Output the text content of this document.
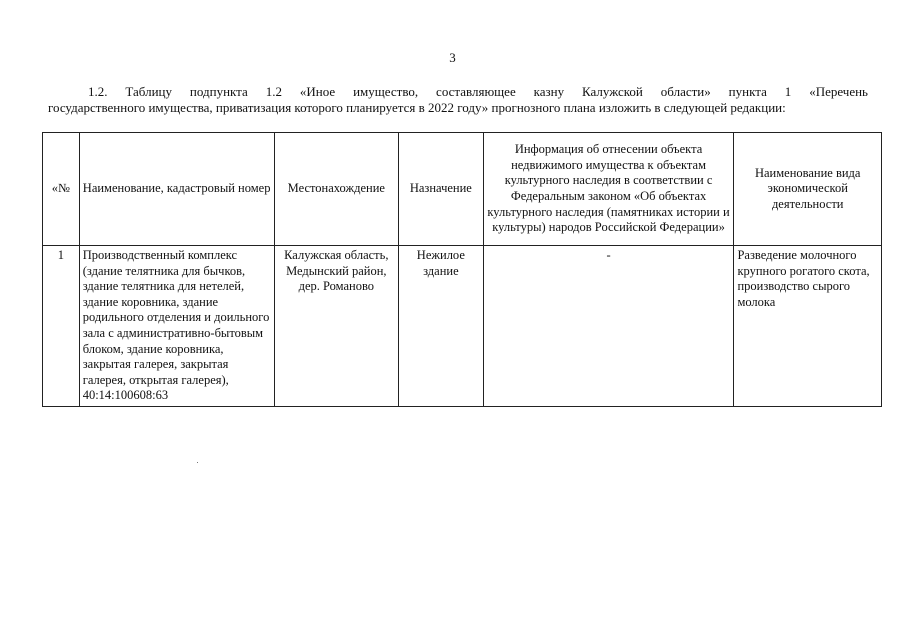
3
1.2. Таблицу подпункта 1.2 «Иное имущество, составляющее казну Калужской области» пункта 1 «Перечень
государственного имущества, приватизация которого планируется в 2022 году» прогнозного плана изложить в следующей редакции:
«№	Наименование, кадастровый номер	Местонахождение	Назначение	Информация об отнесении объекта недвижимого имущества к объектам культурного наследия в соответствии с Федеральным законом «Об объектах культурного наследия (памятниках истории и культуры) народов Российской Федерации»	Наименование вида экономической деятельности
1	Производственный комплекс (здание телятника для бычков, здание телятника для нетелей, здание коровника, здание родильного отделения и доильного зала с административно-бытовым блоком, здание коровника, закрытая галерея, закрытая галерея, открытая галерея), 40:14:100608:63	Калужская область, Медынский район, дер. Романово	Нежилое здание	-	Разведение молочного крупного рогатого скота, производство сырого молока
